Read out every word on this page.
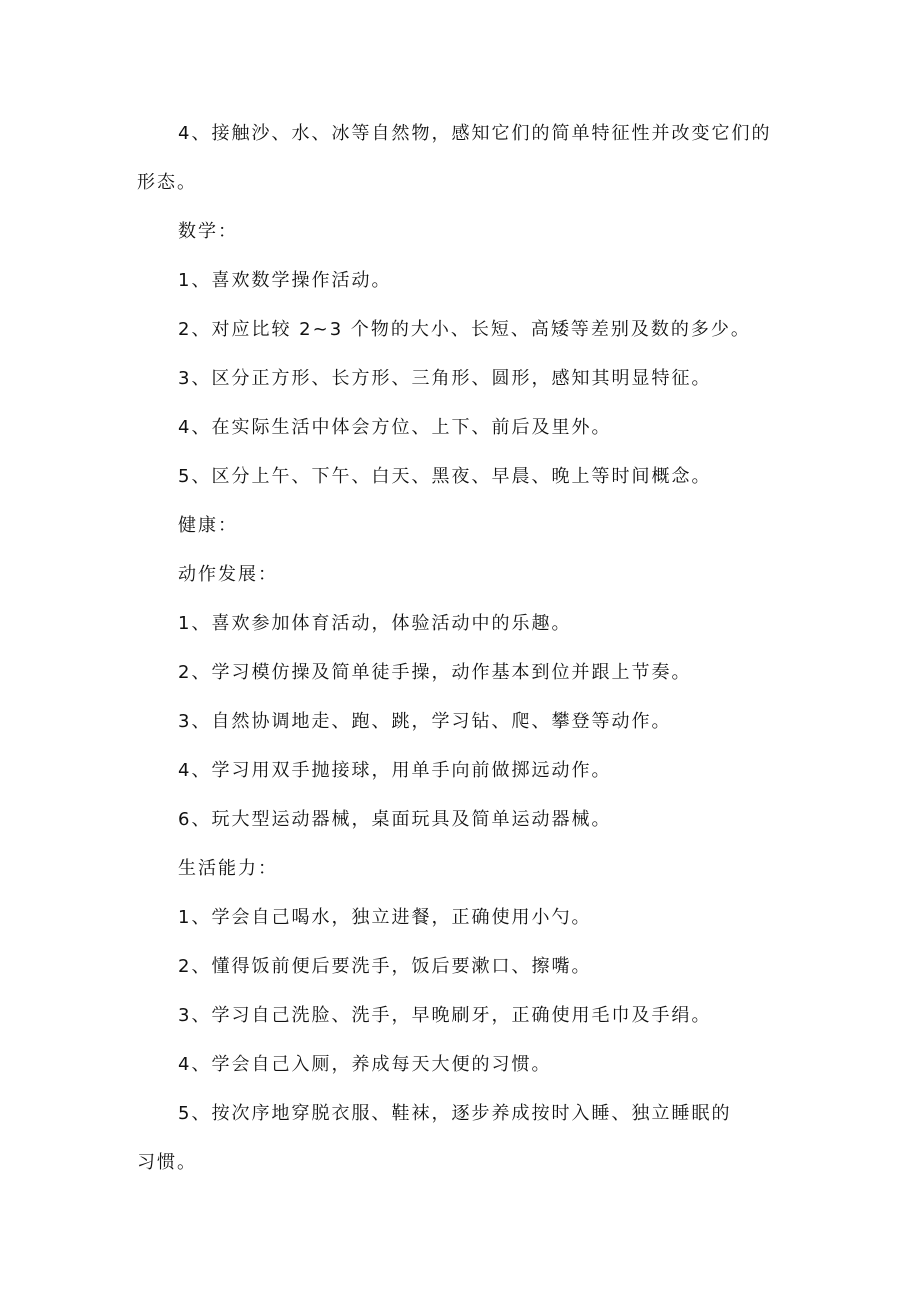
4、接触沙、水、冰等自然物，感知它们的简单特征性并改变它们的
形态。
数学：
1、喜欢数学操作活动。
2、对应比较 2~3 个物的大小、长短、高矮等差别及数的多少。
3、区分正方形、长方形、三角形、圆形，感知其明显特征。
4、在实际生活中体会方位、上下、前后及里外。
5、区分上午、下午、白天、黑夜、早晨、晚上等时间概念。
健康：
动作发展：
1、喜欢参加体育活动，体验活动中的乐趣。
2、学习模仿操及简单徒手操，动作基本到位并跟上节奏。
3、自然协调地走、跑、跳，学习钻、爬、攀登等动作。
4、学习用双手抛接球，用单手向前做掷远动作。
6、玩大型运动器械，桌面玩具及简单运动器械。
生活能力：
1、学会自己喝水，独立进餐，正确使用小勺。
2、懂得饭前便后要洗手，饭后要漱口、擦嘴。
3、学习自己洗脸、洗手，早晚刷牙，正确使用毛巾及手绢。
4、学会自己入厕，养成每天大便的习惯。
5、按次序地穿脱衣服、鞋袜，逐步养成按时入睡、独立睡眠的
习惯。
